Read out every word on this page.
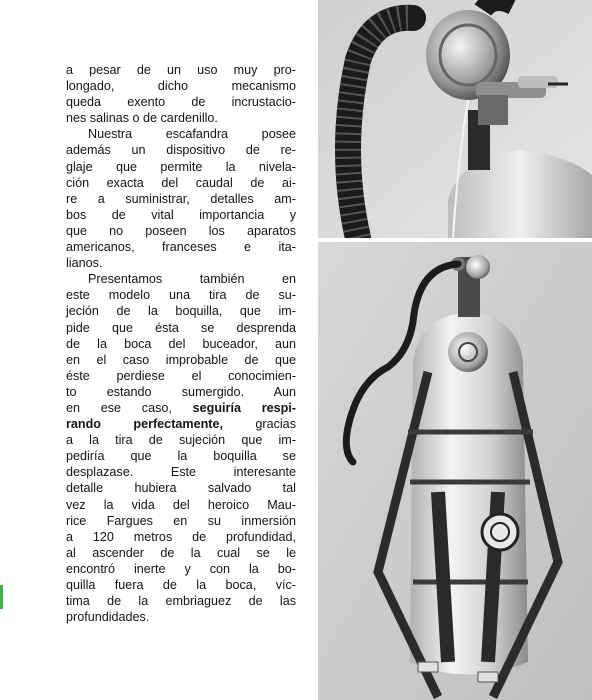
a pesar de un uso muy pro-
longado, dicho mecanismo
queda exento de incrustacio-
nes salinas o de cardenillo.
Nuestra escafandra posee
además un dispositivo de re-
glaje que permite la nivela-
ción exacta del caudal de ai-
re a suministrar, detalles am-
bos de vital importancia y
que no poseen los aparatos
americanos, franceses e ita-
lianos.
Presentamos también en
este modelo una tira de su-
jeción de la boquilla, que im-
pide que ésta se desprenda
de la boca del buceador, aun
en el caso improbable de que
éste perdiese el conocimien-
to estando sumergido. Aun
en ese caso, seguiría respi-
rando perfectamente,	gracias
a la tira de sujeción que im-
pediría que la boquilla se
desplazase. Este interesante
detalle hubiera salvado tal
vez la vida del heroico Mau-
rice Fargues en su inmersión
a 120 metros de profundidad,
al ascender de la cual se le
encontró inerte y con la bo-
quilla fuera de la boca, víc-
tima de la embriaguez de las
profundidades.
